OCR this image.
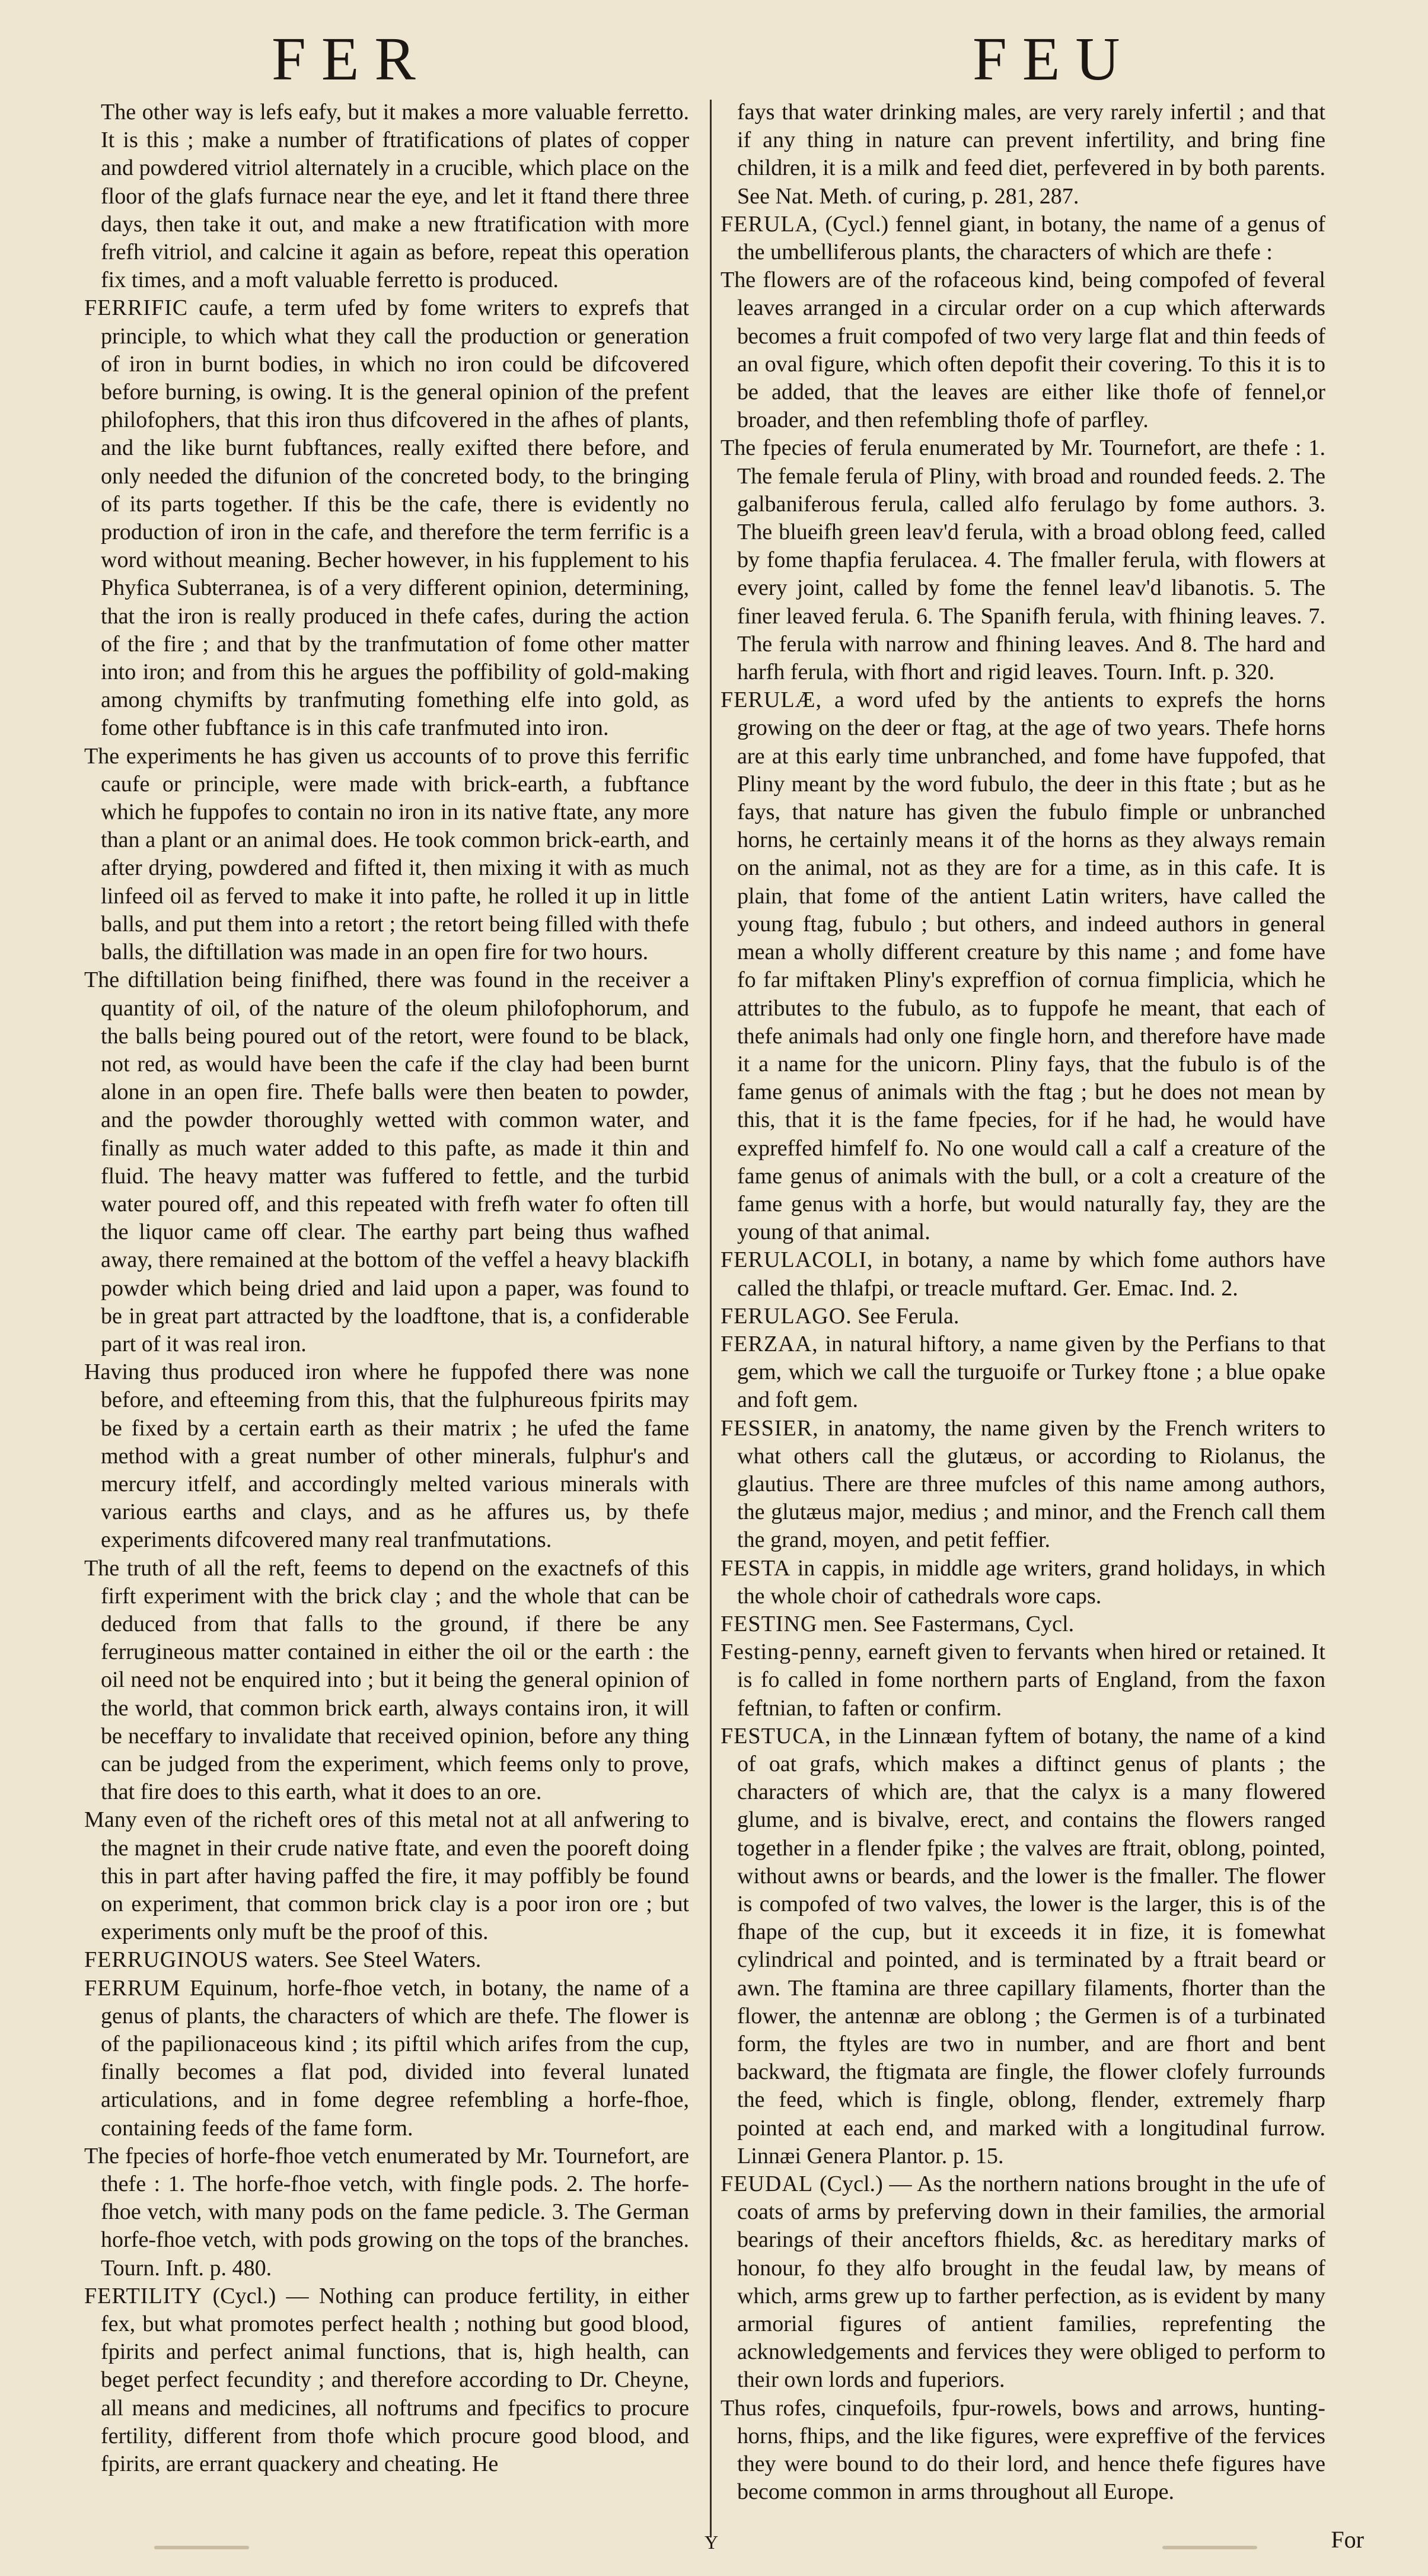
FER	FEU

The other way is lefs eafy, but it makes a more valuable ferretto. It is this ; make a number of ftratifications of plates of copper and powdered vitriol alternately in a crucible, which place on the floor of the glafs furnace near the eye, and let it ftand there three days, then take it out, and make a new ftratification with more frefh vitriol, and calcine it again as before, repeat this operation fix times, and a moft valuable ferretto is produced.

FERRIFIC caufe, a term ufed by fome writers to exprefs that principle, to which what they call the production or generation of iron in burnt bodies, in which no iron could be difcovered before burning, is owing. It is the general opinion of the prefent philofophers, that this iron thus difcovered in the afhes of plants, and the like burnt fubftances, really exifted there before, and only needed the difunion of the concreted body, to the bringing of its parts together. If this be the cafe, there is evidently no production of iron in the cafe, and therefore the term ferrific is a word without meaning. Becher however, in his fupplement to his Phyfica Subterranea, is of a very different opinion, determining, that the iron is really produced in thefe cafes, during the action of the fire ; and that by the tranfmutation of fome other matter into iron; and from this he argues the poffibility of gold-making among chymifts by tranfmuting fomething elfe into gold, as fome other fubftance is in this cafe tranfmuted into iron.

The experiments he has given us accounts of to prove this ferrific caufe or principle, were made with brick-earth, a fubftance which he fuppofes to contain no iron in its native ftate, any more than a plant or an animal does. He took common brick-earth, and after drying, powdered and fifted it, then mixing it with as much linfeed oil as ferved to make it into pafte, he rolled it up in little balls, and put them into a retort ; the retort being filled with thefe balls, the diftillation was made in an open fire for two hours.

The diftillation being finifhed, there was found in the receiver a quantity of oil, of the nature of the oleum philofophorum, and the balls being poured out of the retort, were found to be black, not red, as would have been the cafe if the clay had been burnt alone in an open fire. Thefe balls were then beaten to powder, and the powder thoroughly wetted with common water, and finally as much water added to this pafte, as made it thin and fluid. The heavy matter was fuffered to fettle, and the turbid water poured off, and this repeated with frefh water fo often till the liquor came off clear. The earthy part being thus wafhed away, there remained at the bottom of the veffel a heavy blackifh powder which being dried and laid upon a paper, was found to be in great part attracted by the loadftone, that is, a confiderable part of it was real iron.

Having thus produced iron where he fuppofed there was none before, and efteeming from this, that the fulphureous fpirits may be fixed by a certain earth as their matrix ; he ufed the fame method with a great number of other minerals, fulphur's and mercury itfelf, and accordingly melted various minerals with various earths and clays, and as he affures us, by thefe experiments difcovered many real tranfmutations.

The truth of all the reft, feems to depend on the exactnefs of this firft experiment with the brick clay ; and the whole that can be deduced from that falls to the ground, if there be any ferrugineous matter contained in either the oil or the earth : the oil need not be enquired into ; but it being the general opinion of the world, that common brick earth, always contains iron, it will be neceffary to invalidate that received opinion, before any thing can be judged from the experiment, which feems only to prove, that fire does to this earth, what it does to an ore.

Many even of the richeft ores of this metal not at all anfwering to the magnet in their crude native ftate, and even the pooreft doing this in part after having paffed the fire, it may poffibly be found on experiment, that common brick clay is a poor iron ore ; but experiments only muft be the proof of this.

FERRUGINOUS waters. See Steel Waters.

FERRUM Equinum, horfe-fhoe vetch, in botany, the name of a genus of plants, the characters of which are thefe. The flower is of the papilionaceous kind ; its piftil which arifes from the cup, finally becomes a flat pod, divided into feveral lunated articulations, and in fome degree refembling a horfe-fhoe, containing feeds of the fame form.

The fpecies of horfe-fhoe vetch enumerated by Mr. Tournefort, are thefe : 1. The horfe-fhoe vetch, with fingle pods. 2. The horfe-fhoe vetch, with many pods on the fame pedicle. 3. The German horfe-fhoe vetch, with pods growing on the tops of the branches. Tourn. Inft. p. 480.

FERTILITY (Cycl.) — Nothing can produce fertility, in either fex, but what promotes perfect health ; nothing but good blood, fpirits and perfect animal functions, that is, high health, can beget perfect fecundity ; and therefore according to Dr. Cheyne, all means and medicines, all noftrums and fpecifics to procure fertility, different from thofe which procure good blood, and fpirits, are errant quackery and cheating. He

fays that water drinking males, are very rarely infertil ; and that if any thing in nature can prevent infertility, and bring fine children, it is a milk and feed diet, perfevered in by both parents. See Nat. Meth. of curing, p. 281, 287.

FERULA, (Cycl.) fennel giant, in botany, the name of a genus of the umbelliferous plants, the characters of which are thefe :

The flowers are of the rofaceous kind, being compofed of feveral leaves arranged in a circular order on a cup which afterwards becomes a fruit compofed of two very large flat and thin feeds of an oval figure, which often depofit their covering. To this it is to be added, that the leaves are either like thofe of fennel,or broader, and then refembling thofe of parfley.

The fpecies of ferula enumerated by Mr. Tournefort, are thefe : 1. The female ferula of Pliny, with broad and rounded feeds. 2. The galbaniferous ferula, called alfo ferulago by fome authors. 3. The blueifh green leav'd ferula, with a broad oblong feed, called by fome thapfia ferulacea. 4. The fmaller ferula, with flowers at every joint, called by fome the fennel leav'd libanotis. 5. The finer leaved ferula. 6. The Spanifh ferula, with fhining leaves. 7. The ferula with narrow and fhining leaves. And 8. The hard and harfh ferula, with fhort and rigid leaves. Tourn. Inft. p. 320.

FERULÆ, a word ufed by the antients to exprefs the horns growing on the deer or ftag, at the age of two years. Thefe horns are at this early time unbranched, and fome have fuppofed, that Pliny meant by the word fubulo, the deer in this ftate ; but as he fays, that nature has given the fubulo fimple or unbranched horns, he certainly means it of the horns as they always remain on the animal, not as they are for a time, as in this cafe. It is plain, that fome of the antient Latin writers, have called the young ftag, fubulo ; but others, and indeed authors in general mean a wholly different creature by this name ; and fome have fo far miftaken Pliny's expreffion of cornua fimplicia, which he attributes to the fubulo, as to fuppofe he meant, that each of thefe animals had only one fingle horn, and therefore have made it a name for the unicorn. Pliny fays, that the fubulo is of the fame genus of animals with the ftag ; but he does not mean by this, that it is the fame fpecies, for if he had, he would have expreffed himfelf fo. No one would call a calf a creature of the fame genus of animals with the bull, or a colt a creature of the fame genus with a horfe, but would naturally fay, they are the young of that animal.

FERULACOLI, in botany, a name by which fome authors have called the thlafpi, or treacle muftard. Ger. Emac. Ind. 2.

FERULAGO. See Ferula.

FERZAA, in natural hiftory, a name given by the Perfians to that gem, which we call the turguoife or Turkey ftone ; a blue opake and foft gem.

FESSIER, in anatomy, the name given by the French writers to what others call the glutæus, or according to Riolanus, the glautius. There are three mufcles of this name among authors, the glutæus major, medius ; and minor, and the French call them the grand, moyen, and petit feffier.

FESTA in cappis, in middle age writers, grand holidays, in which the whole choir of cathedrals wore caps.

FESTING men. See Fastermans, Cycl.

Festing-penny, earneft given to fervants when hired or retained. It is fo called in fome northern parts of England, from the faxon feftnian, to faften or confirm.

FESTUCA, in the Linnæan fyftem of botany, the name of a kind of oat grafs, which makes a diftinct genus of plants ; the characters of which are, that the calyx is a many flowered glume, and is bivalve, erect, and contains the flowers ranged together in a flender fpike ; the valves are ftrait, oblong, pointed, without awns or beards, and the lower is the fmaller. The flower is compofed of two valves, the lower is the larger, this is of the fhape of the cup, but it exceeds it in fize, it is fomewhat cylindrical and pointed, and is terminated by a ftrait beard or awn. The ftamina are three capillary filaments, fhorter than the flower, the antennæ are oblong ; the Germen is of a turbinated form, the ftyles are two in number, and are fhort and bent backward, the ftigmata are fingle, the flower clofely furrounds the feed, which is fingle, oblong, flender, extremely fharp pointed at each end, and marked with a longitudinal furrow. Linnæi Genera Plantor. p. 15.

FEUDAL (Cycl.) — As the northern nations brought in the ufe of coats of arms by preferving down in their families, the armorial bearings of their anceftors fhields, &c. as hereditary marks of honour, fo they alfo brought in the feudal law, by means of which, arms grew up to farther perfection, as is evident by many armorial figures of antient families, reprefenting the acknowledgements and fervices they were obliged to perform to their own lords and fuperiors.

Thus rofes, cinquefoils, fpur-rowels, bows and arrows, hunting-horns, fhips, and the like figures, were expreffive of the fervices they were bound to do their lord, and hence thefe figures have become common in arms throughout all Europe.

Y	For
